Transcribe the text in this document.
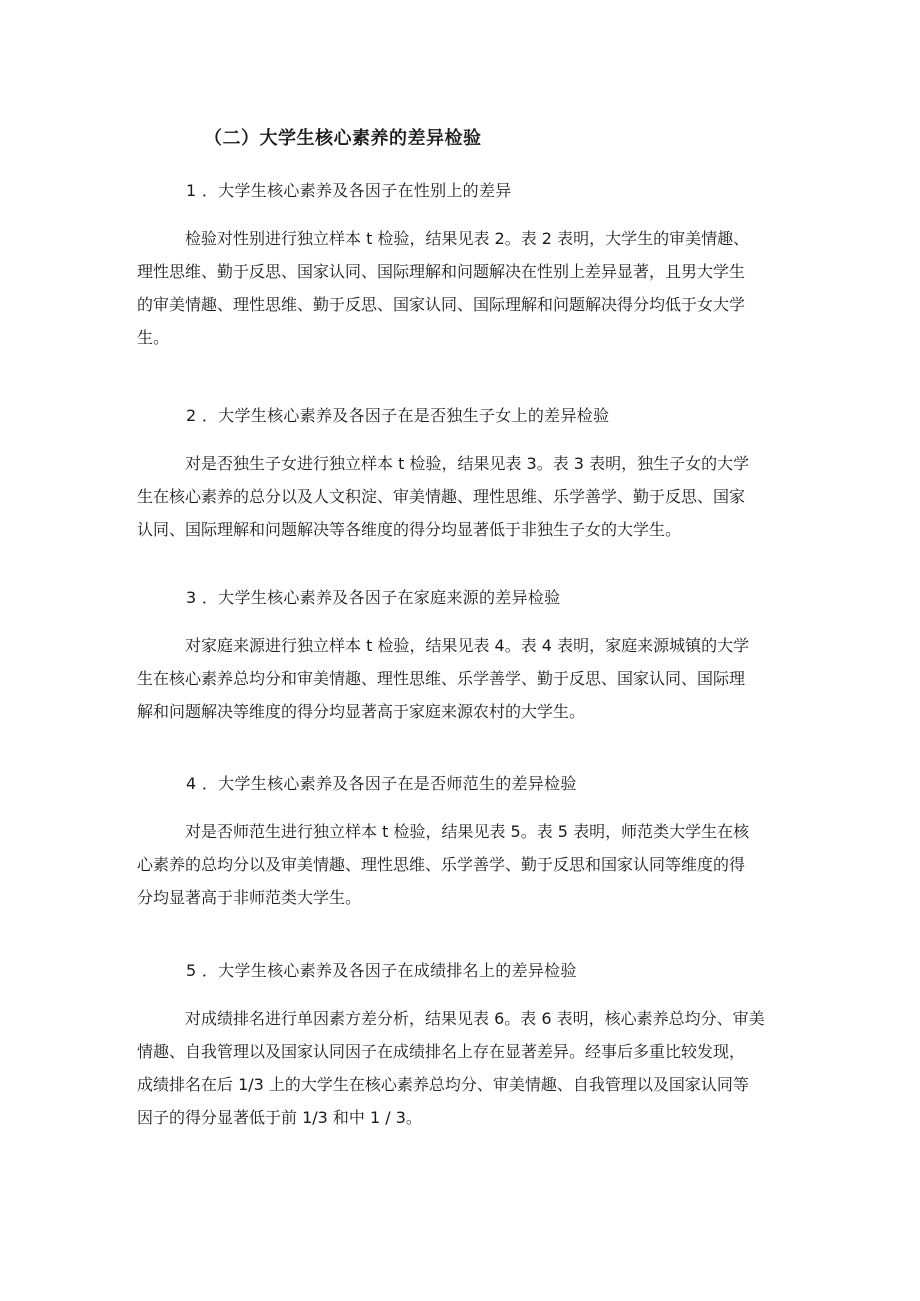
（二）大学生核心素养的差异检验
1 ．大学生核心素养及各因子在性别上的差异
检验对性别进行独立样本 t 检验，结果见表 2。表 2 表明，大学生的审美情趣、
理性思维、勤于反思、国家认同、国际理解和问题解决在性别上差异显著，且男大学生
的审美情趣、理性思维、勤于反思、国家认同、国际理解和问题解决得分均低于女大学
生。
2 ．大学生核心素养及各因子在是否独生子女上的差异检验
对是否独生子女进行独立样本 t 检验，结果见表 3。表 3 表明，独生子女的大学
生在核心素养的总分以及人文积淀、审美情趣、理性思维、乐学善学、勤于反思、国家
认同、国际理解和问题解决等各维度的得分均显著低于非独生子女的大学生。
3 ．大学生核心素养及各因子在家庭来源的差异检验
对家庭来源进行独立样本 t 检验，结果见表 4。表 4 表明，家庭来源城镇的大学
生在核心素养总均分和审美情趣、理性思维、乐学善学、勤于反思、国家认同、国际理
解和问题解决等维度的得分均显著高于家庭来源农村的大学生。
4 ．大学生核心素养及各因子在是否师范生的差异检验
对是否师范生进行独立样本 t 检验，结果见表 5。表 5 表明，师范类大学生在核
心素养的总均分以及审美情趣、理性思维、乐学善学、勤于反思和国家认同等维度的得
分均显著高于非师范类大学生。
5 ．大学生核心素养及各因子在成绩排名上的差异检验
对成绩排名进行单因素方差分析，结果见表 6。表 6 表明，核心素养总均分、审美
情趣、自我管理以及国家认同因子在成绩排名上存在显著差异。经事后多重比较发现，
成绩排名在后 1/3 上的大学生在核心素养总均分、审美情趣、自我管理以及国家认同等
因子的得分显著低于前 1/3 和中 1 / 3。
